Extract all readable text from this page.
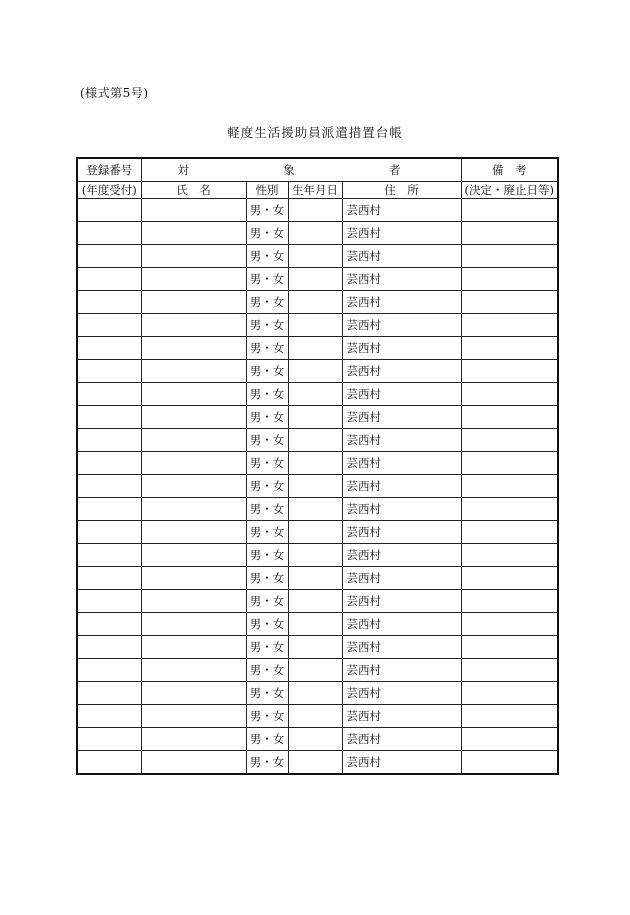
(様式第5号)
軽度生活援助員派遣措置台帳
登録番号	対象者				備　考
(年度受付)	氏　名	性別	生年月日	住　所	(決定・廃止日等)
		男・女		芸西村	
		男・女		芸西村	
		男・女		芸西村	
		男・女		芸西村	
		男・女		芸西村	
		男・女		芸西村	
		男・女		芸西村	
		男・女		芸西村	
		男・女		芸西村	
		男・女		芸西村	
		男・女		芸西村	
		男・女		芸西村	
		男・女		芸西村	
		男・女		芸西村	
		男・女		芸西村	
		男・女		芸西村	
		男・女		芸西村	
		男・女		芸西村	
		男・女		芸西村	
		男・女		芸西村	
		男・女		芸西村	
		男・女		芸西村	
		男・女		芸西村	
		男・女		芸西村	
		男・女		芸西村	
